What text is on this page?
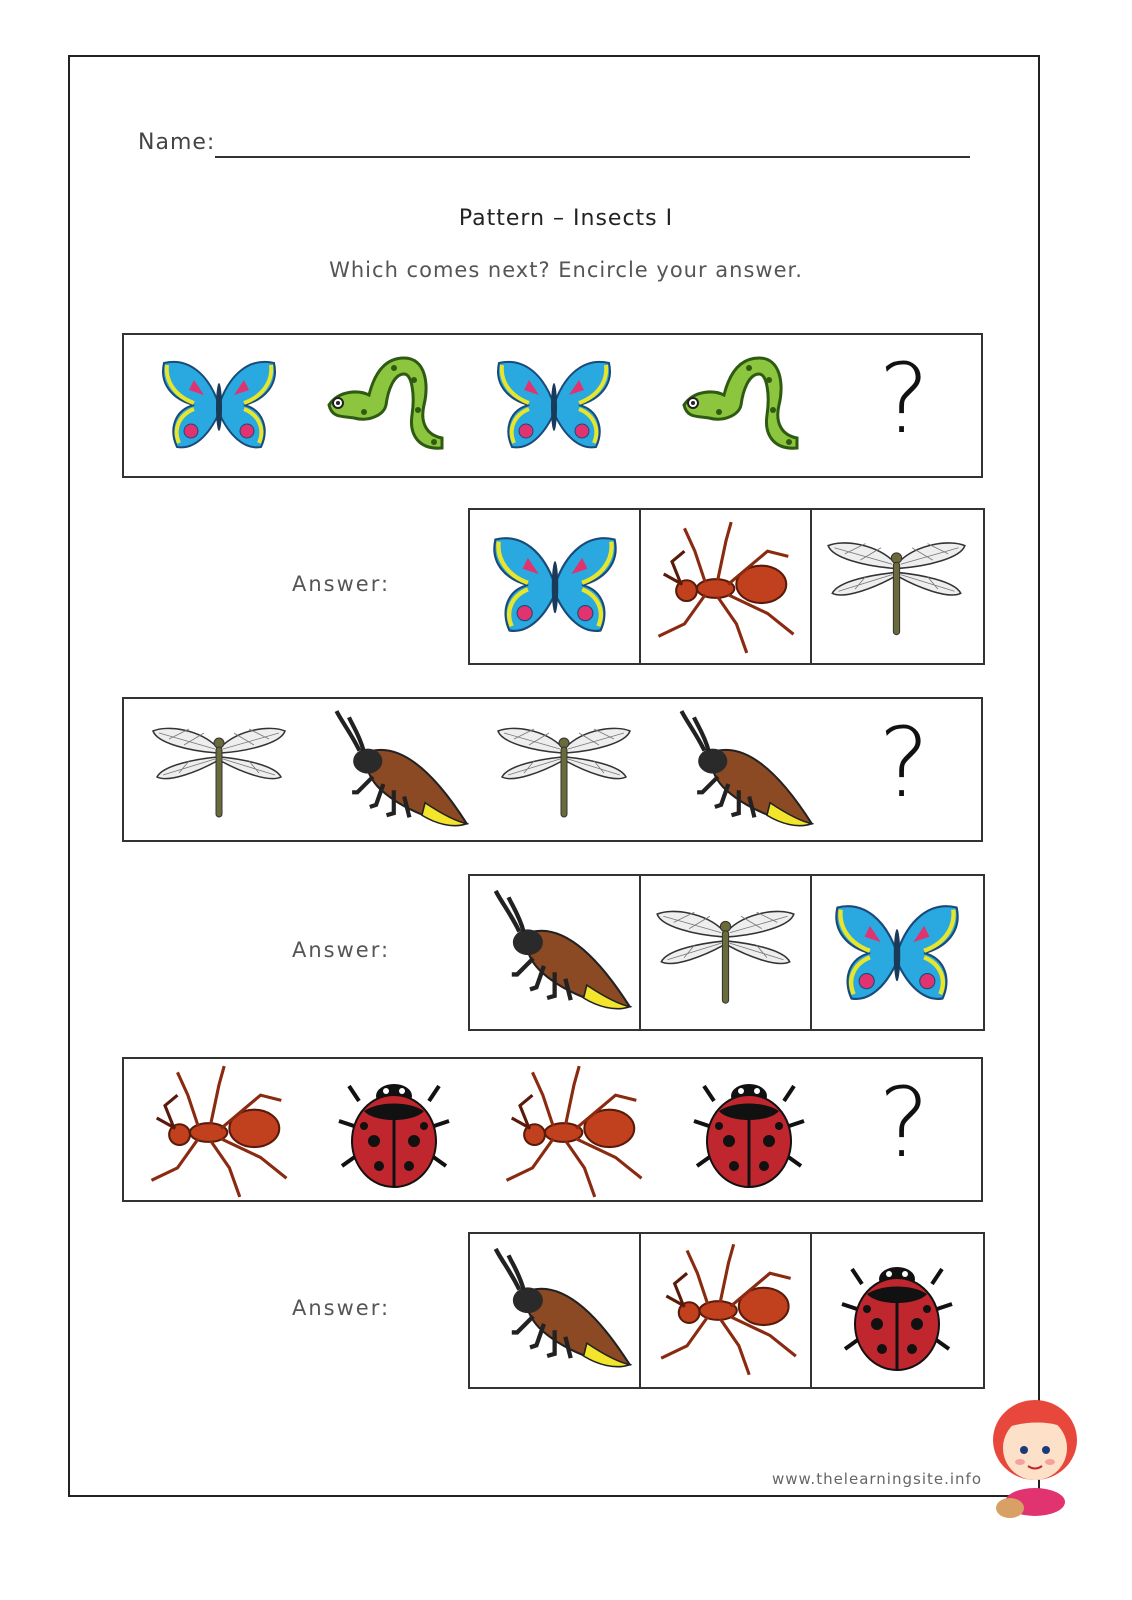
Name:
Pattern – Insects I
Which comes next? Encircle your answer.
?
Answer:
?
Answer:
?
Answer:
www.thelearningsite.info
